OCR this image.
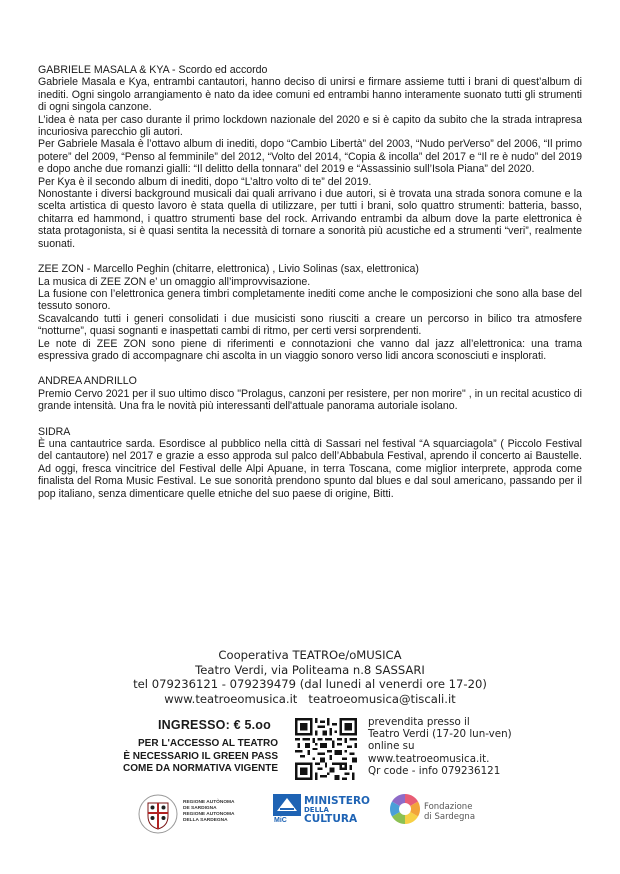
GABRIELE MASALA & KYA - Scordo ed accordo

Gabriele Masala e Kya, entrambi cantautori, hanno deciso di unirsi e firmare assieme tutti i brani di quest’album di inediti. Ogni singolo arrangiamento è nato da idee comuni ed entrambi hanno interamente suonato tutti gli strumenti di ogni singola canzone.

L’idea è nata per caso durante il primo lockdown nazionale del 2020 e si è capito da subito che la strada intrapresa incuriosiva parecchio gli autori.

Per Gabriele Masala è l’ottavo album di inediti, dopo “Cambio Libertà” del 2003, “Nudo perVerso” del 2006, “Il primo potere” del 2009, “Penso al femminile” del 2012, “Volto del 2014, “Copia & incolla” del 2017 e “Il re è nudo” del 2019 e dopo anche due romanzi gialli: “Il delitto della tonnara” del 2019 e “Assassinio sull’Isola Piana” del 2020.

Per Kya è il secondo album di inediti, dopo “L’altro volto di te” del 2019.

Nonostante i diversi background musicali dai quali arrivano i due autori, si è trovata una strada sonora comune e la scelta artistica di questo lavoro è stata quella di utilizzare, per tutti i brani, solo quattro strumenti: batteria, basso, chitarra ed hammond, i quattro strumenti base del rock. Arrivando entrambi da album dove la parte elettronica è stata protagonista, si è quasi sentita la necessità di tornare a sonorità più acustiche ed a strumenti “veri”, realmente suonati.

ZEE ZON - Marcello Peghin (chitarre, elettronica) , Livio Solinas (sax, elettronica)

La musica di ZEE ZON e’ un omaggio all’improvvisazione.

La fusione con l’elettronica genera timbri completamente inediti come anche le composizioni che sono alla base del tessuto sonoro.

Scavalcando tutti i generi consolidati i due musicisti sono riusciti a creare un percorso in bilico tra atmosfere “notturne”, quasi sognanti e inaspettati cambi di ritmo, per certi versi sorprendenti.

Le note di ZEE ZON sono piene di riferimenti e connotazioni che vanno dal jazz all’elettronica: una trama espressiva grado di accompagnare chi ascolta in un viaggio sonoro verso lidi ancora sconosciuti e insplorati.

ANDREA ANDRILLO

Premio Cervo 2021 per il suo ultimo disco "Prolagus, canzoni per resistere, per non morire" , in un recital acustico di grande intensità. Una fra le novità più interessanti dell'attuale panorama autoriale isolano.

SIDRA

È una cantautrice sarda. Esordisce al pubblico nella città di Sassari nel festival “A squarciagola” ( Piccolo Festival del cantautore) nel 2017 e grazie a esso approda sul palco dell’Abbabula Festival, aprendo il concerto ai Baustelle. Ad oggi, fresca vincitrice del Festival delle Alpi Apuane, in terra Toscana, come miglior interprete, approda come finalista del Roma Music Festival. Le sue sonorità prendono spunto dal blues e dal soul americano, passando per il pop italiano, senza dimenticare quelle etniche del suo paese di origine, Bitti.

Cooperativa TEATROe/oMUSICA

Teatro Verdi, via Politeama n.8 SASSARI

tel 079236121 - 079239479 (dal lunedi al venerdi ore 17-20)

www.teatroeomusica.it   teatroeomusica@tiscali.it

INGRESSO: € 5.oo
PER L'ACCESSO AL TEATRO
È NECESSARIO IL GREEN PASS
COME DA NORMATIVA VIGENTE
prevendita presso il
Teatro Verdi (17-20 lun-ven)
online su
www.teatroeomusica.it.
Qr code - info 079236121
REGIONE AUTÒNOMA
DE SARDIGNA
REGIONE AUTONOMA
DELLA SARDEGNA	MiC
MINISTERO
DELLA
CULTURA
Fondazione
di Sardegna
